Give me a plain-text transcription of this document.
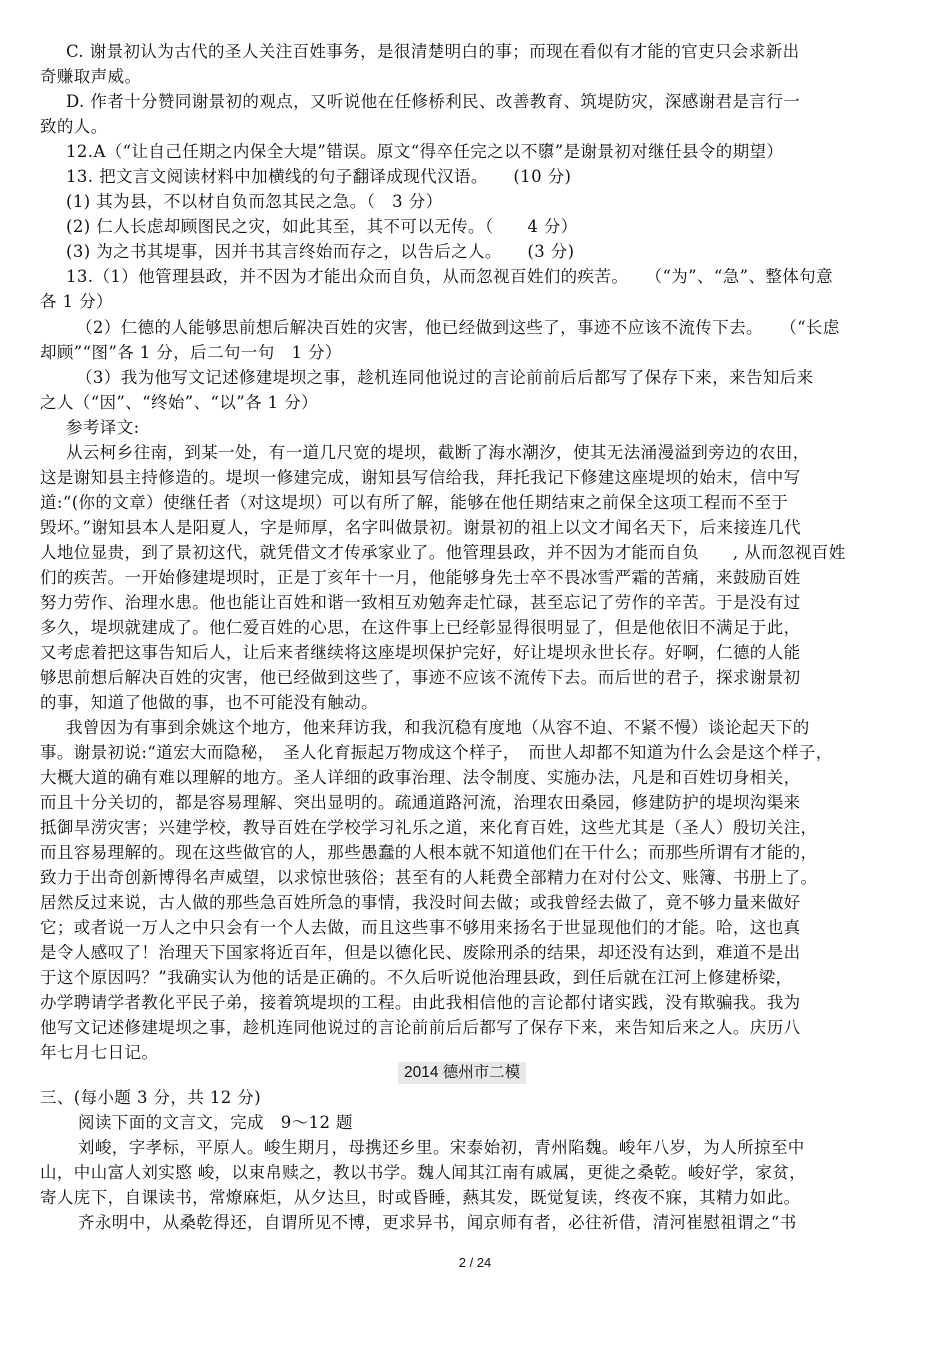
C. 谢景初认为古代的圣人关注百姓事务，是很清楚明白的事；而现在看似有才能的官吏只会求新出
奇赚取声威。
D. 作者十分赞同谢景初的观点，又听说他在任修桥利民、改善教育、筑堤防灾，深感谢君是言行一
致的人。
12.A（“让自己任期之内保全大堤”错误。原文“得卒任完之以不隳”是谢景初对继任县令的期望）
13. 把文言文阅读材料中加横线的句子翻译成现代汉语。　　(10 分)
(1) 其为县，不以材自负而忽其民之急。（　3 分）
(2) 仁人长虑却顾图民之灾，如此其至，其不可以无传。（　　4 分）
(3) 为之书其堤事，因并书其言终始而存之，以告后之人。　　(3 分)
13.（1）他管理县政，并不因为才能出众而自负，从而忽视百姓们的疾苦。　　（“为”、“急”、整体句意
各 1 分）
（2）仁德的人能够思前想后解决百姓的灾害，他已经做到这些了，事迹不应该不流传下去。　　（“长虑
却顾”“图”各 1 分，后二句一句　1 分）
（3）我为他写文记述修建堤坝之事，趁机连同他说过的言论前前后后都写了保存下来，来告知后来
之人（“因”、“终始”、“以”各 1 分）
参考译文:
从云柯乡往南，到某一处，有一道几尺宽的堤坝，截断了海水潮汐，使其无法涌漫溢到旁边的农田，
这是谢知县主持修造的。堤坝一修建完成，谢知县写信给我，拜托我记下修建这座堤坝的始末，信中写
道:“(你的文章）使继任者（对这堤坝）可以有所了解，能够在他任期结束之前保全这项工程而不至于
毁坏。”谢知县本人是阳夏人，字是师厚，名字叫做景初。谢景初的祖上以文才闻名天下，后来接连几代
人地位显贵，到了景初这代，就凭借文才传承家业了。他管理县政，并不因为才能而自负　　, 从而忽视百姓
们的疾苦。一开始修建堤坝时，正是丁亥年十一月，他能够身先士卒不畏冰雪严霜的苦痛，来鼓励百姓
努力劳作、治理水患。他也能让百姓和谐一致相互劝勉奔走忙碌，甚至忘记了劳作的辛苦。于是没有过
多久，堤坝就建成了。他仁爱百姓的心思，在这件事上已经彰显得很明显了，但是他依旧不满足于此，
又考虑着把这事告知后人，让后来者继续将这座堤坝保护完好，好让堤坝永世长存。好啊，仁德的人能
够思前想后解决百姓的灾害，他已经做到这些了，事迹不应该不流传下去。而后世的君子，探求谢景初
的事，知道了他做的事，也不可能没有触动。
我曾因为有事到余姚这个地方，他来拜访我，和我沉稳有度地（从容不迫、不紧不慢）谈论起天下的
事。谢景初说:“道宏大而隐秘，　圣人化育振起万物成这个样子，　而世人却都不知道为什么会是这个样子，
大概大道的确有难以理解的地方。圣人详细的政事治理、法令制度、实施办法，凡是和百姓切身相关，
而且十分关切的，都是容易理解、突出显明的。疏通道路河流，治理农田桑园，修建防护的堤坝沟渠来
抵御旱涝灾害；兴建学校，教导百姓在学校学习礼乐之道，来化育百姓，这些尤其是（圣人）殷切关注，
而且容易理解的。现在这些做官的人，那些愚蠢的人根本就不知道他们在干什么；而那些所谓有才能的，
致力于出奇创新博得名声威望，以求惊世骇俗；甚至有的人耗费全部精力在对付公文、账簿、书册上了。
居然反过来说，古人做的那些急百姓所急的事情，我没时间去做；或我曾经去做了，竟不够力量来做好
它；或者说一万人之中只会有一个人去做，而且这些事不够用来扬名于世显现他们的才能。哈，这也真
是令人感叹了！治理天下国家将近百年，但是以德化民、废除刑杀的结果，却还没有达到，难道不是出
于这个原因吗？”我确实认为他的话是正确的。不久后听说他治理县政，到任后就在江河上修建桥梁，
办学聘请学者教化平民子弟，接着筑堤坝的工程。由此我相信他的言论都付诸实践，没有欺骗我。我为
他写文记述修建堤坝之事，趁机连同他说过的言论前前后后都写了保存下来，来告知后来之人。庆历八
年七月七日记。
2014 德州市二模
三、(每小题 3 分，共 12 分)
阅读下面的文言文，完成　9～12 题
刘峻，字孝标，平原人。峻生期月，母携还乡里。宋泰始初，青州陷魏。峻年八岁，为人所掠至中
山，中山富人刘实愍 峻，以束帛赎之，教以书学。魏人闻其江南有戚属，更徙之桑乾。峻好学，家贫，
寄人庑下，自课读书，常燎麻炬，从夕达旦，时或昏睡，爇其发，既觉复读，终夜不寐，其精力如此。
齐永明中，从桑乾得还，自谓所见不博，更求异书，闻京师有者，必往祈借，清河崔慰祖谓之“书
2 / 24
